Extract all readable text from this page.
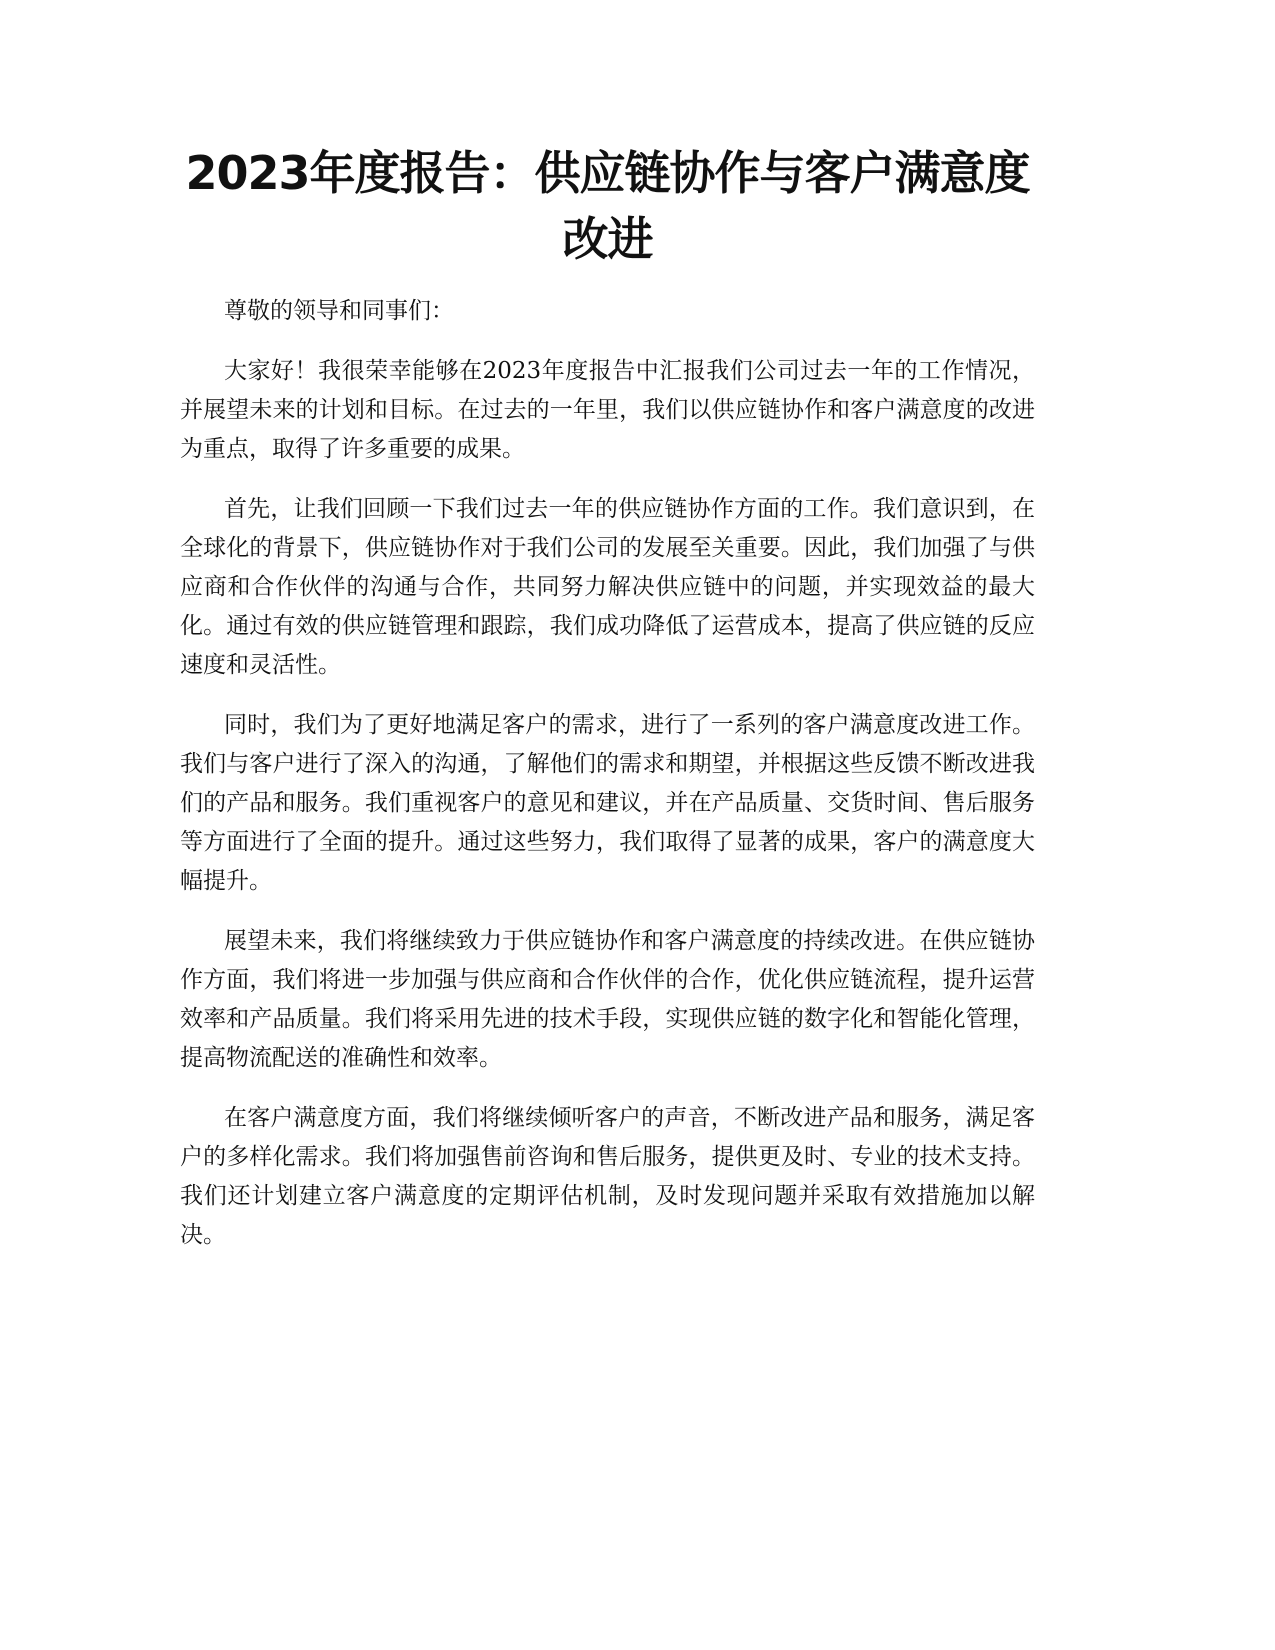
2023年度报告：供应链协作与客户满意度改进

尊敬的领导和同事们：

大家好！我很荣幸能够在2023年度报告中汇报我们公司过去一年的工作情况，并展望未来的计划和目标。在过去的一年里，我们以供应链协作和客户满意度的改进为重点，取得了许多重要的成果。

首先，让我们回顾一下我们过去一年的供应链协作方面的工作。我们意识到，在全球化的背景下，供应链协作对于我们公司的发展至关重要。因此，我们加强了与供应商和合作伙伴的沟通与合作，共同努力解决供应链中的问题，并实现效益的最大化。通过有效的供应链管理和跟踪，我们成功降低了运营成本，提高了供应链的反应速度和灵活性。

同时，我们为了更好地满足客户的需求，进行了一系列的客户满意度改进工作。我们与客户进行了深入的沟通，了解他们的需求和期望，并根据这些反馈不断改进我们的产品和服务。我们重视客户的意见和建议，并在产品质量、交货时间、售后服务等方面进行了全面的提升。通过这些努力，我们取得了显著的成果，客户的满意度大幅提升。

展望未来，我们将继续致力于供应链协作和客户满意度的持续改进。在供应链协作方面，我们将进一步加强与供应商和合作伙伴的合作，优化供应链流程，提升运营效率和产品质量。我们将采用先进的技术手段，实现供应链的数字化和智能化管理，提高物流配送的准确性和效率。

在客户满意度方面，我们将继续倾听客户的声音，不断改进产品和服务，满足客户的多样化需求。我们将加强售前咨询和售后服务，提供更及时、专业的技术支持。我们还计划建立客户满意度的定期评估机制，及时发现问题并采取有效措施加以解决。
